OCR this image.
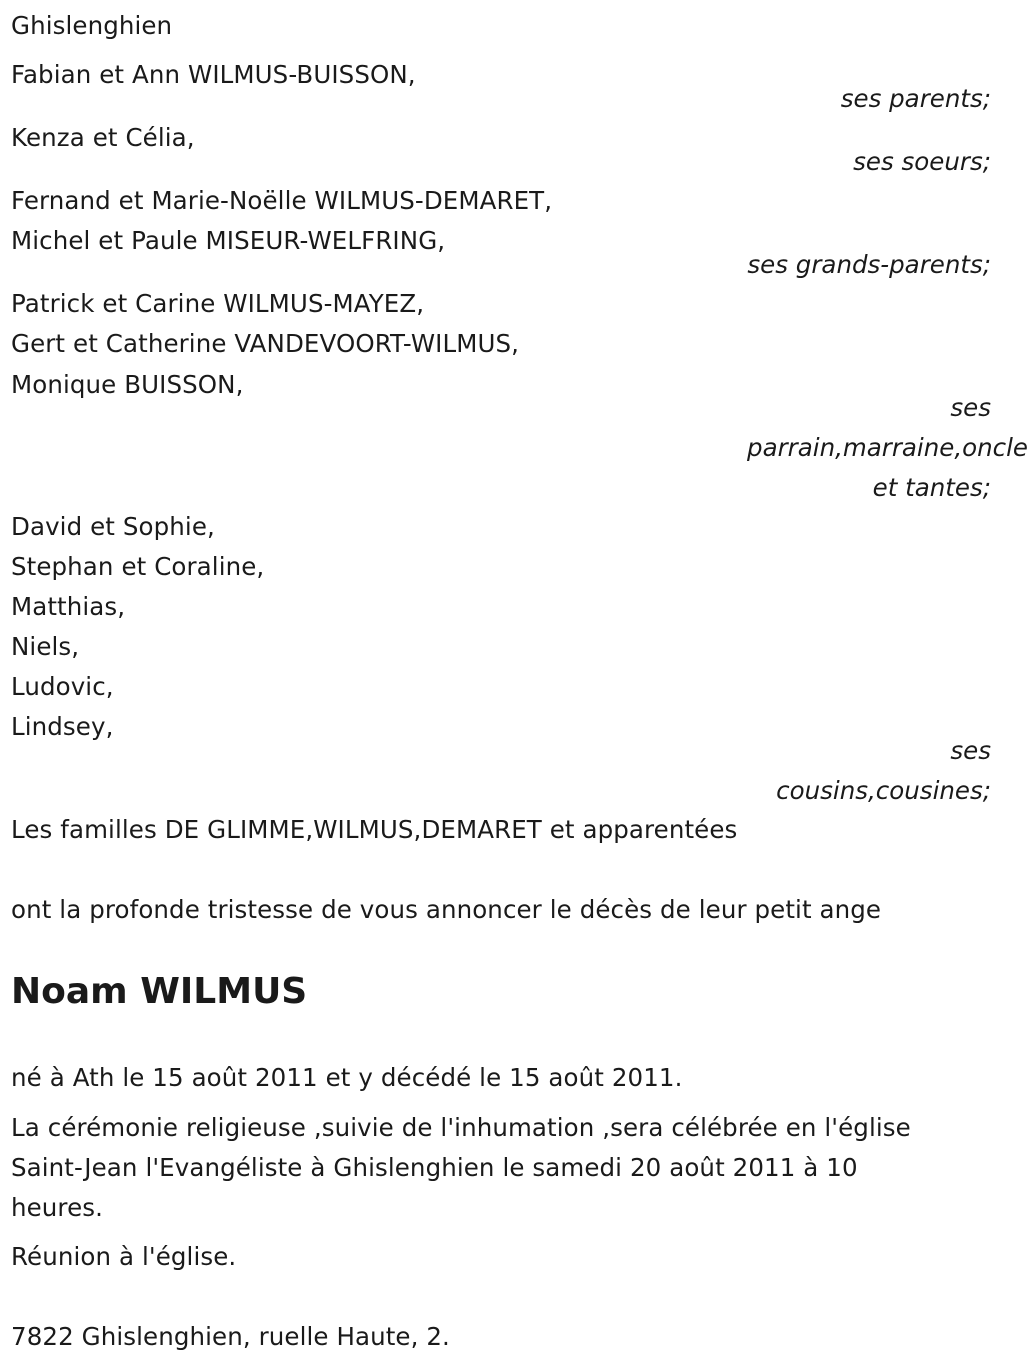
Ghislenghien
Fabian et Ann WILMUS-BUISSON,
ses parents;
Kenza et Célia,
ses soeurs;
Fernand et Marie-Noëlle WILMUS-DEMARET,
Michel et Paule MISEUR-WELFRING,
ses grands-parents;
Patrick et Carine WILMUS-MAYEZ,
Gert et Catherine VANDEVOORT-WILMUS,
Monique BUISSON,
ses
parrain,marraine,oncle
et tantes;
David et Sophie,
Stephan et Coraline,
Matthias,
Niels,
Ludovic,
Lindsey,
ses
cousins,cousines;
Les familles DE GLIMME,WILMUS,DEMARET et apparentées
ont la profonde tristesse de vous annoncer le décès de leur petit ange
Noam WILMUS
né à Ath le 15 août 2011 et y décédé le 15 août 2011.
La cérémonie religieuse ,suivie de l'inhumation ,sera célébrée en l'église
Saint-Jean l'Evangéliste à Ghislenghien le samedi 20 août 2011 à 10
heures.
Réunion à l'église.
7822 Ghislenghien, ruelle Haute, 2.
